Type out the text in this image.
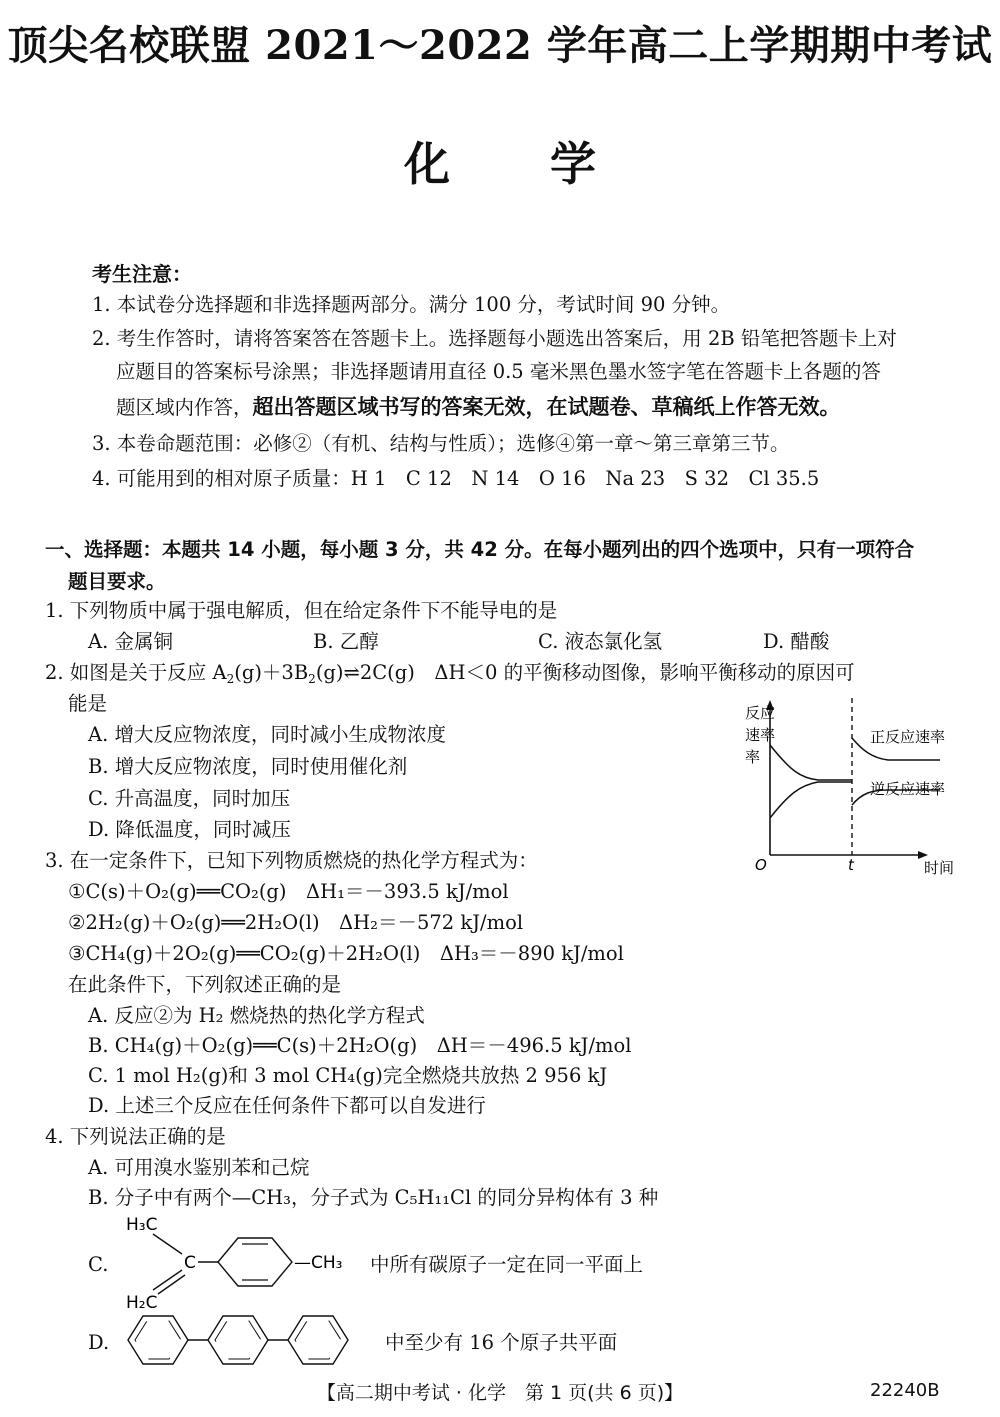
顶尖名校联盟 2021～2022 学年高二上学期期中考试
化学
考生注意：
1. 本试卷分选择题和非选择题两部分。满分 100 分，考试时间 90 分钟。
2. 考生作答时，请将答案答在答题卡上。选择题每小题选出答案后，用 2B 铅笔把答题卡上对
应题目的答案标号涂黑；非选择题请用直径 0.5 毫米黑色墨水签字笔在答题卡上各题的答
题区域内作答，超出答题区域书写的答案无效，在试题卷、草稿纸上作答无效。
3. 本卷命题范围：必修②（有机、结构与性质）；选修④第一章～第三章第三节。
4. 可能用到的相对原子质量：H 1　C 12　N 14　O 16　Na 23　S 32　Cl 35.5
一、选择题：本题共 14 小题，每小题 3 分，共 42 分。在每小题列出的四个选项中，只有一项符合
题目要求。
1. 下列物质中属于强电解质，但在给定条件下不能导电的是
A. 金属铜	B. 乙醇	C. 液态氯化氢	D. 醋酸
2. 如图是关于反应 $A_2(g)+3B_2(g)\rightleftharpoons 2C(g)$　ΔH＜0 的平衡移动图像，影响平衡移动的原因可
能是
A. 增大反应物浓度，同时减小生成物浓度
B. 增大反应物浓度，同时使用催化剂
C. 升高温度，同时加压
D. 降低温度，同时减压
反应
速率
率
正反应速率
逆反应速率
O	t	时间
3. 在一定条件下，已知下列物质燃烧的热化学方程式为：
①C(s)＋O₂(g)══CO₂(g)　ΔH₁＝－393.5 kJ/mol
②2H₂(g)＋O₂(g)══2H₂O(l)　ΔH₂＝－572 kJ/mol
③CH₄(g)＋2O₂(g)══CO₂(g)＋2H₂O(l)　ΔH₃＝－890 kJ/mol
在此条件下，下列叙述正确的是
A. 反应②为 H₂ 燃烧热的热化学方程式
B. CH₄(g)＋O₂(g)══C(s)＋2H₂O(g)　ΔH＝－496.5 kJ/mol
C. 1 mol H₂(g)和 3 mol CH₄(g)完全燃烧共放热 2 956 kJ
D. 上述三个反应在任何条件下都可以自发进行
4. 下列说法正确的是
A. 可用溴水鉴别苯和己烷
B. 分子中有两个—CH₃，分子式为 C₅H₁₁Cl 的同分异构体有 3 种
C.
H₃C
H₂C
C	—CH₃ 中所有碳原子一定在同一平面上
D.	中至少有 16 个原子共平面
【高二期中考试 · 化学　第 1 页(共 6 页)】	22240B
